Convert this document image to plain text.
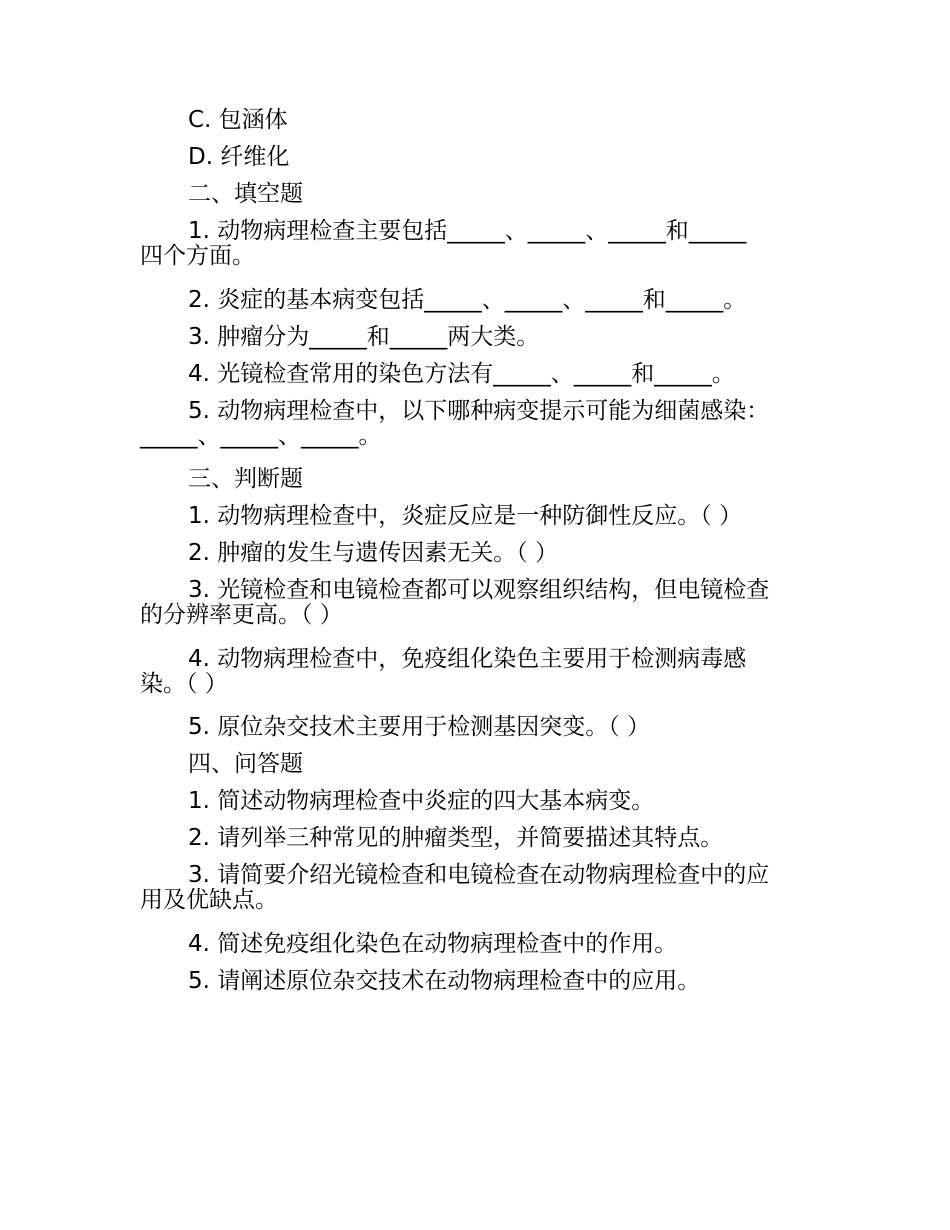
C. 包涵体
D. 纤维化
二、填空题
1. 动物病理检查主要包括_____、_____、_____和_____
四个方面。
2. 炎症的基本病变包括_____、_____、_____和_____。
3. 肿瘤分为_____和_____两大类。
4. 光镜检查常用的染色方法有_____、_____和_____。
5. 动物病理检查中，以下哪种病变提示可能为细菌感染：
_____、_____、_____。
三、判断题
1. 动物病理检查中，炎症反应是一种防御性反应。（ ）
2. 肿瘤的发生与遗传因素无关。（ ）
3. 光镜检查和电镜检查都可以观察组织结构，但电镜检查
的分辨率更高。（ ）
4. 动物病理检查中，免疫组化染色主要用于检测病毒感
染。（ ）
5. 原位杂交技术主要用于检测基因突变。（ ）
四、问答题
1. 简述动物病理检查中炎症的四大基本病变。
2. 请列举三种常见的肿瘤类型，并简要描述其特点。
3. 请简要介绍光镜检查和电镜检查在动物病理检查中的应
用及优缺点。
4. 简述免疫组化染色在动物病理检查中的作用。
5. 请阐述原位杂交技术在动物病理检查中的应用。
